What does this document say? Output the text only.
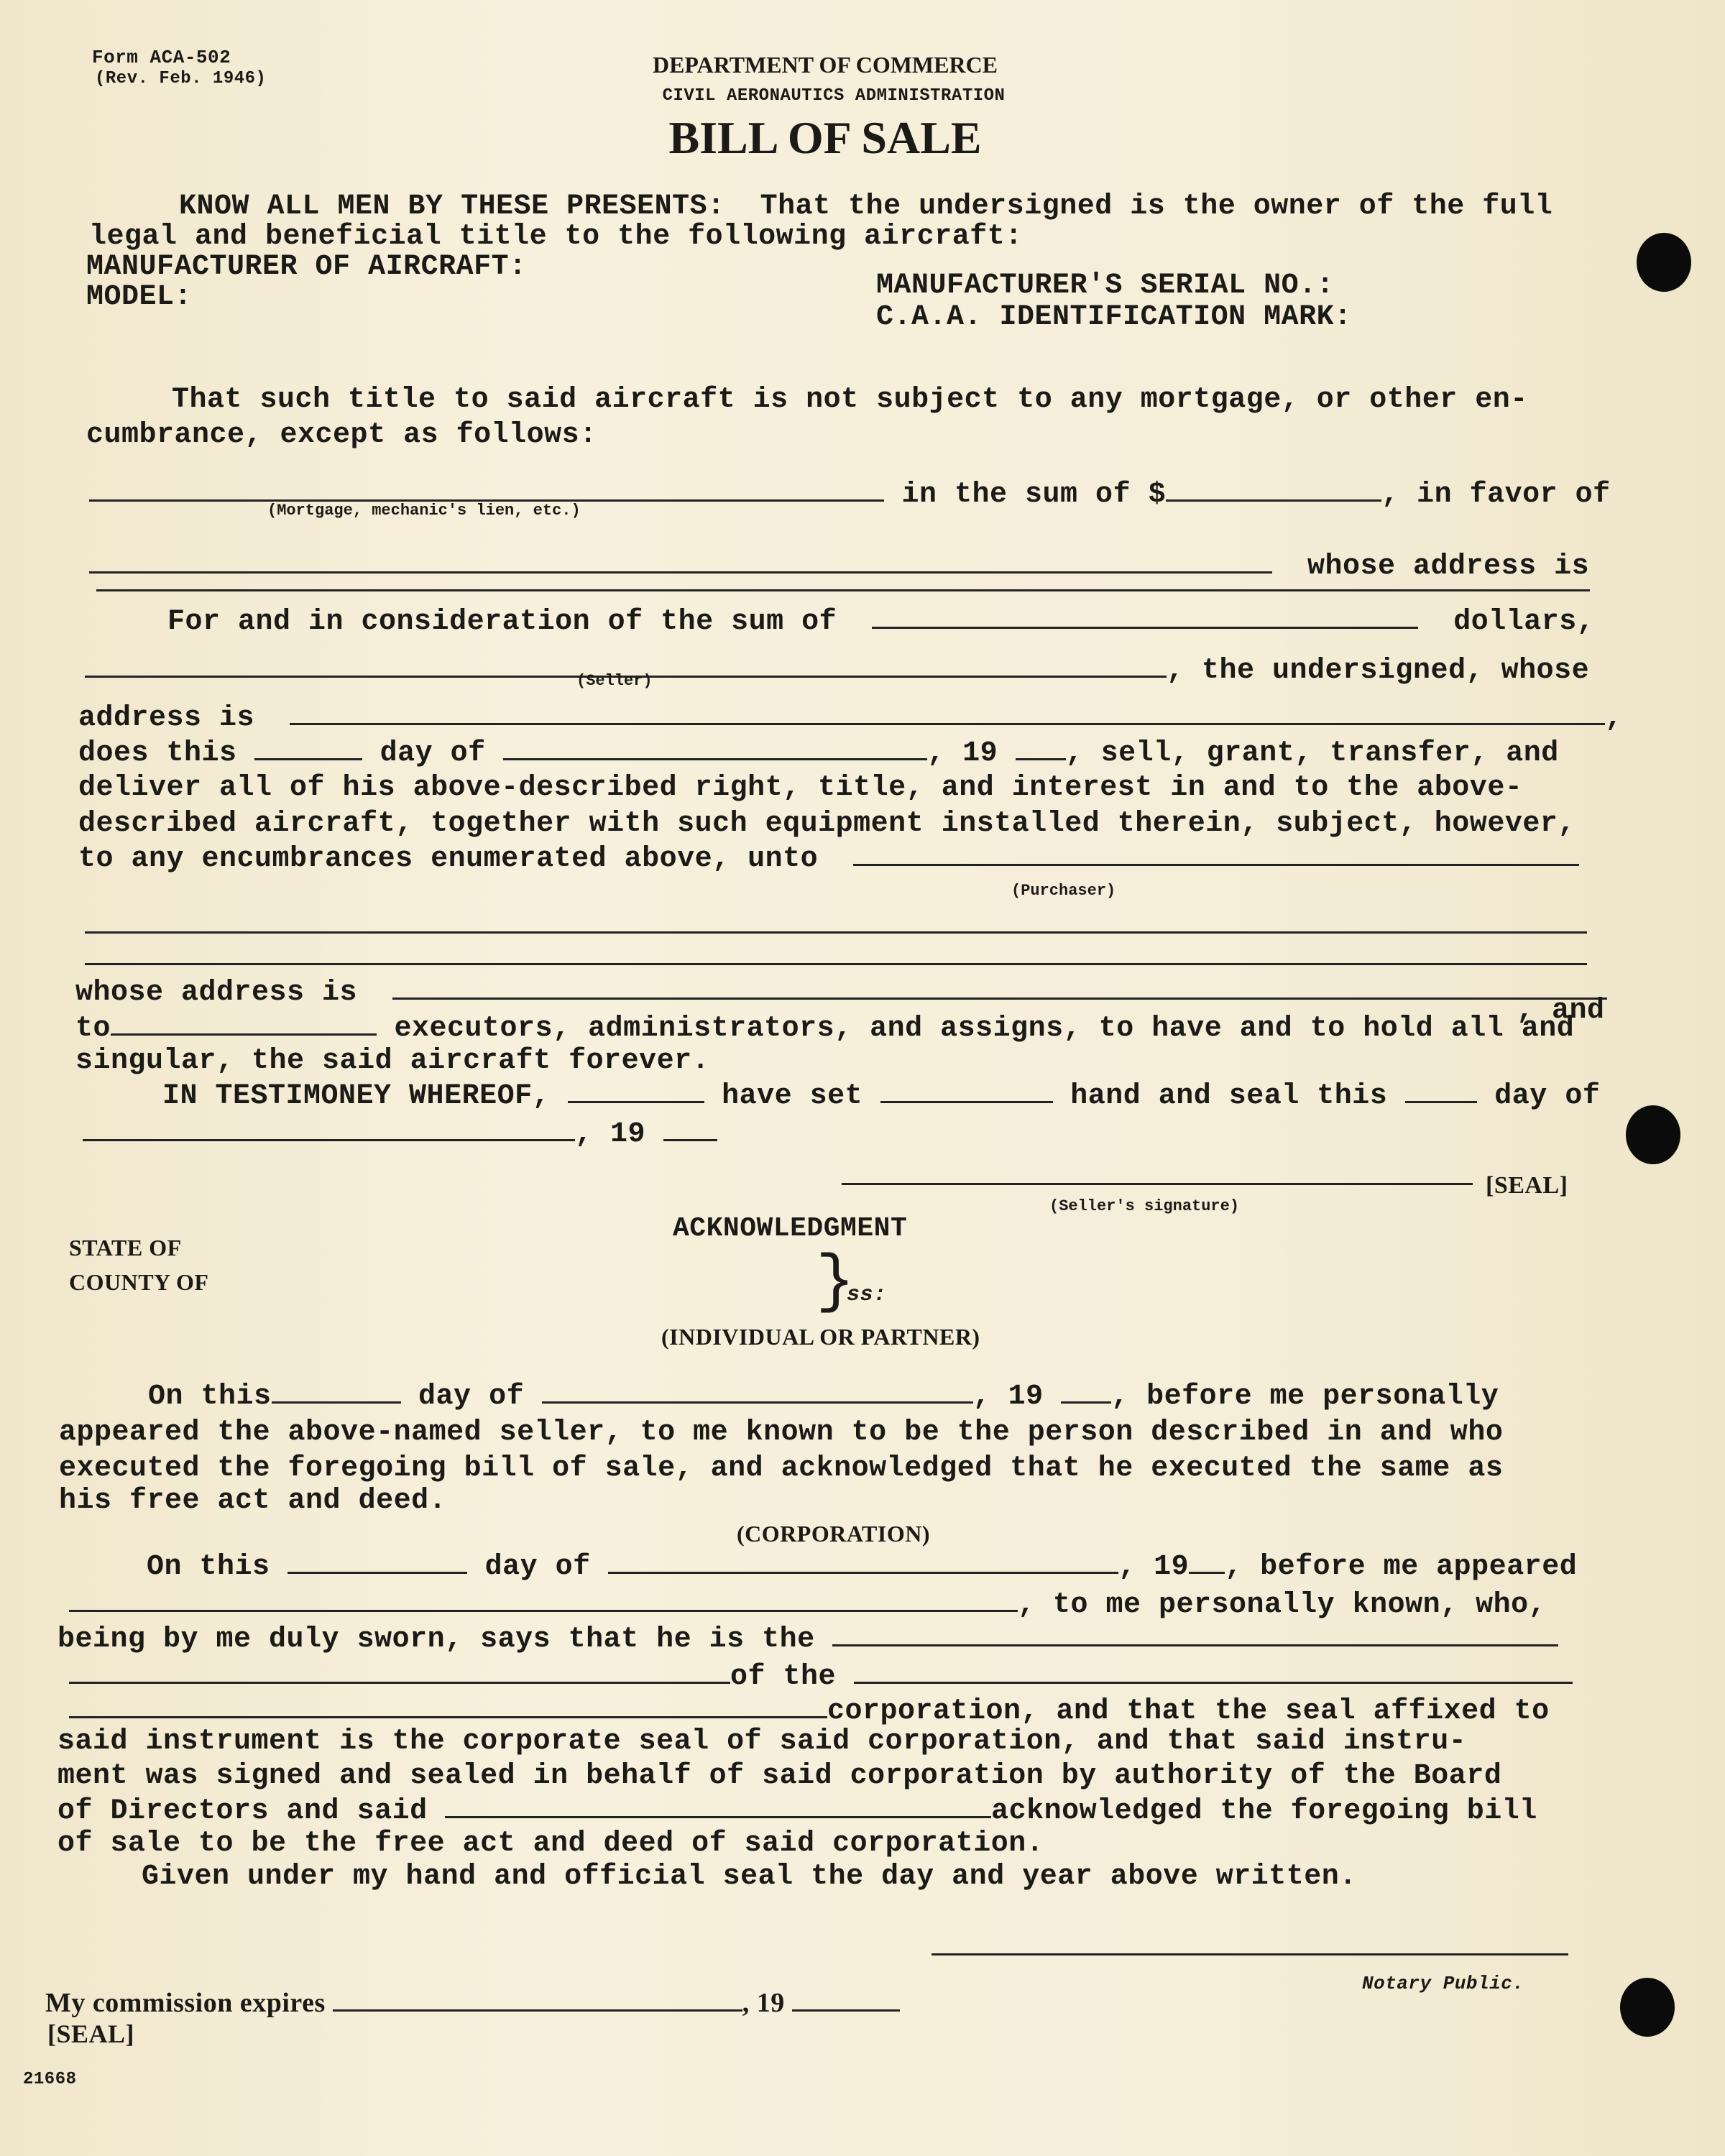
Form ACA-502
(Rev. Feb. 1946)
DEPARTMENT OF COMMERCE
CIVIL AERONAUTICS ADMINISTRATION
BILL OF SALE
KNOW ALL MEN BY THESE PRESENTS:  That the undersigned is the owner of the full
legal and beneficial title to the following aircraft:
MANUFACTURER OF AIRCRAFT:
MODEL:	MANUFACTURER'S SERIAL NO.:
C.A.A. IDENTIFICATION MARK:
That such title to said aircraft is not subject to any mortgage, or other en-
cumbrance, except as follows:
in the sum of $	, in favor of
(Mortgage, mechanic's lien, etc.)
whose address is
For and in consideration of the sum of	dollars,
, the undersigned, whose
(Seller)
address is	,
does this	day of	, 19 , sell, grant, transfer, and
deliver all of his above-described right, title, and interest in and to the above-
described aircraft, together with such equipment installed therein, subject, however,
to any encumbrances enumerated above, unto
(Purchaser)
whose address is
, and
to	executors, administrators, and assigns, to have and to hold all and
singular, the said aircraft forever.
IN TESTIMONEY WHEREOF,	have set	hand and seal this	day of
, 19
[SEAL]
(Seller's signature)
ACKNOWLEDGMENT
STATE OF
COUNTY OF	}
ss:
(INDIVIDUAL OR PARTNER)
On this	day of	, 19 , before me personally
appeared the above-named seller, to me known to be the person described in and who
executed the foregoing bill of sale, and acknowledged that he executed the same as
his free act and deed.
(CORPORATION)
On this	day of	, 19 , before me appeared
, to me personally known, who,
being by me duly sworn, says that he is the
of the
corporation, and that the seal affixed to
said instrument is the corporate seal of said corporation, and that said instru-
ment was signed and sealed in behalf of said corporation by authority of the Board
of Directors and said	acknowledged the foregoing bill
of sale to be the free act and deed of said corporation.
Given under my hand and official seal the day and year above written.
Notary Public.
My commission expires	, 19
[SEAL]
21668
